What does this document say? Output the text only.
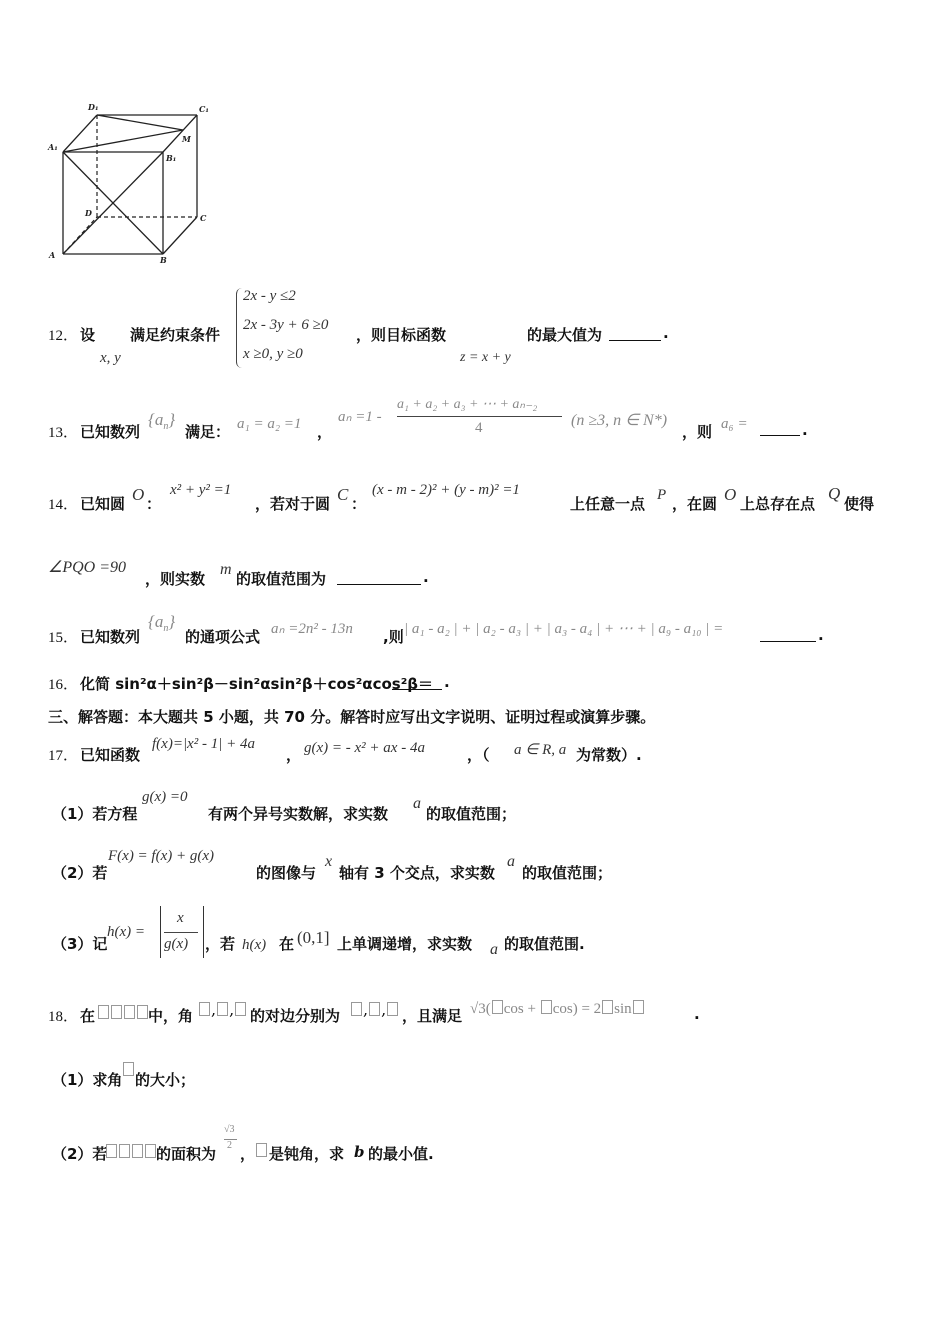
D₁	C₁
M
A₁
B₁
D	C
A	B
12． 设 满足约束条件
x, y
2x - y ≤2
2x - 3y + 6 ≥0
x ≥0, y ≥0
，则目标函数
z = x + y
的最大值为	.
13． 已知数列
$\{a_n\}$
满足： a₁ = a₂ =1 ，
aₙ =1 -
a₁ + a₂ + a₃ + ⋯ + aₙ₋₂
4	(n ≥3, n ∈ N*)
，则 a₆ =	.
14． 已知圆 O ：
x² + y² =1
，若对于圆 C ：
(x - m - 2)² + (y - m)² =1
上任意一点 P ，在圆 O 上总存在点
Q
使得
∠PQO =90
，则实数
m
的取值范围为	.
15． 已知数列
$\{a_n\}$
的通项公式 aₙ =2n² - 13n ,则 | a₁ - a₂ | + | a₂ - a₃ | + | a₃ - a₄ | + ⋯ + | a₉ - a₁₀ | =	.
16． 化简 sin²α＋sin²β－sin²αsin²β＋cos²αcos²β＝ .
三、解答题：本大题共 5 小题，共 70 分。解答时应写出文字说明、证明过程或演算步骤。
17． 已知函数
f(x)=|x² - 1| + 4a
， g(x) = - x² + ax - 4a	，（ a ∈ R, a 为常数）.
（1）若方程
g(x) =0
有两个异号实数解，求实数
a
的取值范围；
（2）若
F(x) = f(x) + g(x)
的图像与
x
轴有 3 个交点，求实数
a
的取值范围；
（3）记
h(x) =
x
g(x) ，若 h(x) 在 (0,1] 上单调递增，求实数 a 的取值范围.
18． 在	中，角	, ,	的对边分别为	, ,	，且满足 √3( cos + cos) = 2 sin	.
（1）求角 的大小；
（2）若	的面积为
√3
2 ， 是钝角，求 b 的最小值.
